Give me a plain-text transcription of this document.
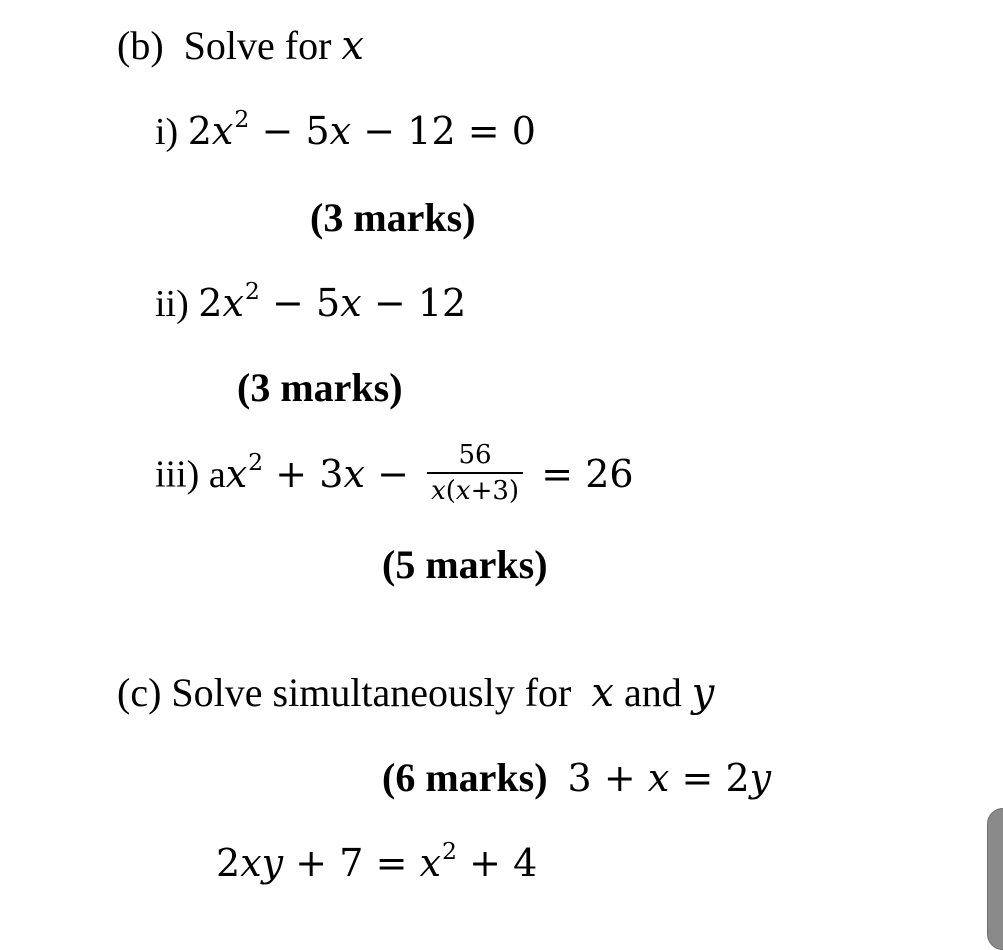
(b) Solve for x
i) $2x^2 - 5x - 12 = 0$
(3 marks)
ii) $2x^2 - 5x - 12$
(3 marks)
iii) $ax^2 + 3x - \frac{56}{x(x+3)} = 26$
(5 marks)
(c) Solve simultaneously for x and y
(6 marks) 3 + x = 2y
$2xy + 7 = x^2 + 4$
